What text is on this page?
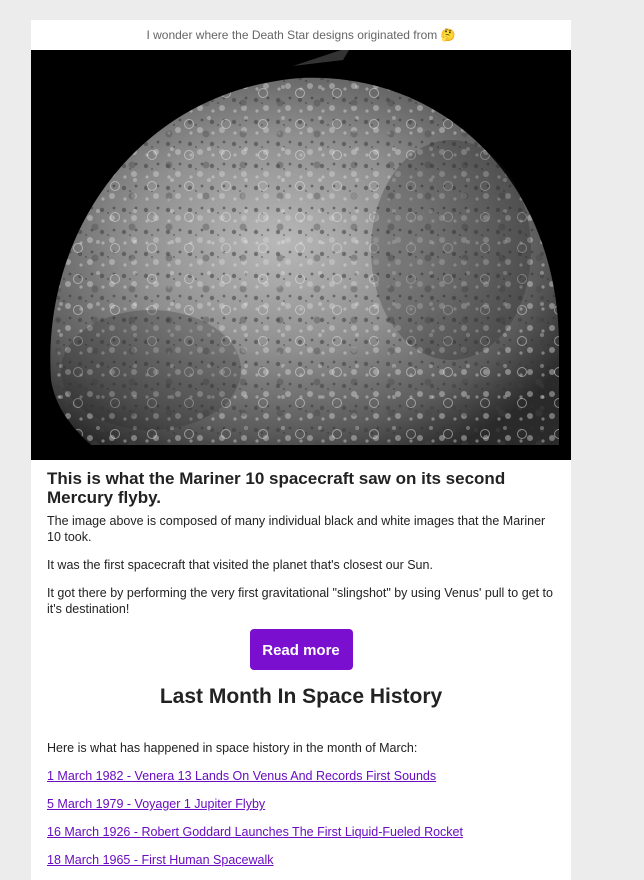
I wonder where the Death Star designs originated from 🤔
This is what the Mariner 10 spacecraft saw on its second Mercury flyby.

The image above is composed of many individual black and white images that the Mariner 10 took.

It was the first spacecraft that visited the planet that's closest our Sun.

It got there by performing the very first gravitational "slingshot" by using Venus' pull to get to it's destination!

Read more
Last Month In Space History

Here is what has happened in space history in the month of March:

1 March 1982 - Venera 13 Lands On Venus And Records First Sounds
5 March 1979 - Voyager 1 Jupiter Flyby
16 March 1926 - Robert Goddard Launches The First Liquid-Fueled Rocket
18 March 1965 - First Human Spacewalk
